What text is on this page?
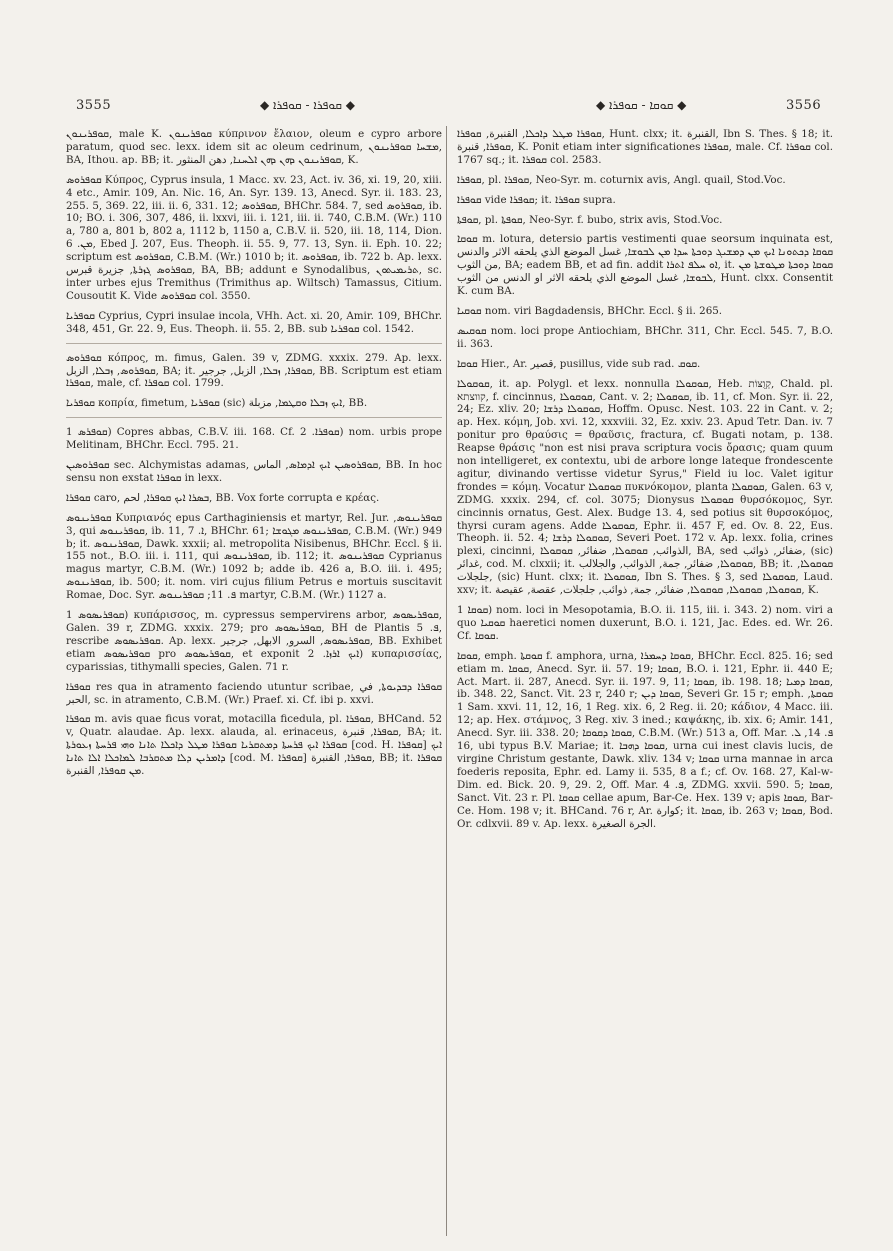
3555	◆ ܩܘܦܪܐ - ܩܘܦܪܐ ◆	◆ ܩܘܩܐ - ܩܘܦܪܐ ◆	3556

ܩܘܦܪܝܢܘܢ, male K. ܩܘܦܪܝܢܘܢ κύπρινον ἔλαιον, oleum e cypro arbore paratum, quod sec. lexx. idem sit ac oleum cedrinum, ܡܫܚܐ ܩܘܦܪܝܢܘܢ, BA, Ithou. ap. BB; it. ܩܘܦܪܝܢܘܢ ܕܗܢ ܕܗܢ ܐܠܚܢܐ, دهن المنثور, K.

ܩܘܦܪܘܣ Κύπρος, Cyprus insula, 1 Macc. xv. 23, Act. iv. 36, xi. 19, 20, xiii. 4 etc., Amir. 109, An. Nic. 16, An. Syr. 139. 13, Anecd. Syr. ii. 183. 23, 255. 5, 369. 22, iii. ii. 6, 331. 12; ܩܘܦܪܘܣ, BHChr. 584. 7, sed ܩܘܦܪܘܣ, ib. 10; BO. i. 306, 307, 486, ii. lxxvi, iii. i. 121, iii. ii. 740, C.B.M. (Wr.) 110 a, 780 a, 801 b, 802 a, 1112 b, 1150 a, C.B.V. ii. 520, iii. 18, 114, Dion. ܡܢ. 6, Ebed J. 207, Eus. Theoph. ii. 55. 9, 77. 13, Syn. ii. Eph. 10. 22; scriptum est ܩܘܦܪܘܣ, C.B.M. (Wr.) 1010 b; it. ܩܘܦܪܘܣ, ib. 722 b. Ap. lexx. ܩܘܦܪܘܣ ܓܙܪܬܐ, جزيرة قبرس, BA, BB; addunt e Synodalibus, ܬܪܝܡܝܬܘܢ, sc. inter urbes ejus Tremithus (Trimithus ap. Wiltsch) Tamassus, Citium. Cousoutit K. Vide ܩܘܦܪܘܣ col. 3550.

ܩܘܦܪܝܐ Cyprius, Cypri insulae incola, VHh. Act. xi. 20, Amir. 109, BHChr. 348, 451, Gr. 22. 9, Eus. Theoph. ii. 55. 2, BB. sub ܩܘܦܪܝܐ col. 1542.

ܩܘܦܪܘܣ κόπρος, m. fimus, Galen. 39 v, ZDMG. xxxix. 279. Ap. lexx. ܩܘܦܪܘܣ, ܙܒܠܐ, الزبل, BA; it. ܩܘܦܪܐ, ܙܒܠܐ, الزبل, جرجير, BB. Scriptum est etiam ܩܘܦܪܐ, male, cf. ܩܘܦܪܐ col. 1799.

ܩܘܦܪܝܐ κοπρία, fimetum, ܩܘܦܪܝܐ (sic) ܐܝܟ ܙܒܠܐ ܘܩܛܡܐ, مزبلة, BB.

ܩܘܦܪܣ 1) Copres abbas, C.B.V. iii. 168. Cf. ܩܘܦܪܐ. 2) nom. urbis prope Melitinam, BHChr. Eccl. 795. 21.

ܩܘܦܪܘܣܝܢ sec. Alchymistas adamas, ܩܘܦܪܘܣܝܢ ܐܝܟ ܐܕܡܐܣ, الماس, BB. In hoc sensu non exstat ܩܘܦܪܐ in lexx.

ܩܘܦܪܐ caro, ܒܣܪܐ ܐܝܟ ܩܘܦܪܐ, لحم, BB. Vox forte corrupta e κρέας.

ܩܘܦܪܝܢܘܣ Κυπριανός epus Carthaginiensis et martyr, Rel. Jur. ܩܘܦܪܝܢܘܣ, 3, qui ܩܘܦܪܝܢܘܣ, ib. 11, ܐ. 7, BHChr. 61; ܩܘܦܪܝܢܘܣ ܡܓܘܫܐ, C.B.M. (Wr.) 949 b; it. ܩܘܦܪܝܢܘܣ, Dawk. xxxii; al. metropolita Nisibenus, BHChr. Eccl. § ii. 155 not., B.O. iii. i. 111, qui ܩܘܦܪܝܢܘܣ, ib. 112; it. ܩܘܦܪܝܢܘܣ Cyprianus magus martyr, C.B.M. (Wr.) 1092 b; adde ib. 426 a, B.O. iii. i. 495; ܩܘܦܪܝܢܘܣ, ib. 500; it. nom. viri cujus filium Petrus e mortuis suscitavit Romae, Doc. Syr. ܦ. 11; ܩܘܦܪܝܢܘܣ martyr, C.B.M. (Wr.) 1127 a.

ܩܘܦܪܝܣܘܣ 1) κυπάρισσος, m. cypressus sempervirens arbor, ܩܘܦܪܝܣܘܣ, Galen. 39 r, ZDMG. xxxix. 279; pro ܩܘܦܪܝܣܘܣ, BH de Plantis ܦ. 5, rescribe ܩܘܦܪܝܣܘܣ. Ap. lexx. ܩܘܦܪܝܣܘܣ, السرو, الابهل, جرجير, BB. Exhibet etiam ܩܘܦܪܝܣܘܣ pro ܩܘܦܪܝܣܘܣ, et exponit ܐܝܟ ܐܪܙܐ. 2) κυπαρισσίας, cyparissias, tithymalli species, Galen. 71 r.

ܩܘܦܪܐ res qua in atramento faciendo utuntur scribae, ܩܘܦܪܐ ܕܒܕܝܘܬܐ, في الحبر, sc. in atramento, C.B.M. (Wr.) Praef. xi. Cf. ibi p. xxvi.

ܩܘܦܪܐ m. avis quae ficus vorat, motacilla ficedula, pl. ܩܘܦܪܐ, BHCand. 52 v, Quatr. alaudae. Ap. lexx. alauda, al. erinaceus, ܩܘܦܪܐ, قنبرة, BA; it. ܩܘܦܪܐ ܐܝܟ ܦܪܚܬܐ ܕܡܬܩܪܝܐ ܩܘܦܪܐ ܡܛܠ ܕܐܟܠܐ ܬܐܢܐ ܘܗܝ ܦܪܚܬܐ ܙܥܘܪܬܐ [cod. H. ܩܘܦܪܐ] ܐܝܟ ܕܐܡܪܝܢ ܕܠܐ ܡܬܩܪܒܐ ܠܡܐܟܠܐ ܐܠܐ ܬܐܢܐ [cod. M. ܩܘܦܪܐ] ܩܘܦܪܐ, القنبرة, BB; it. ܩܘܦܪܐ ܡܢ ܩܘܦܪܐ, القنبرة.

ܩܘܦܪܐ ܡܛܠ ܕܐܟܠܐ, القنبرة, ܩܘܦܪܐ, Hunt. clxx; it. القنبرة, Ibn S. Thes. § 18; it. ܩܘܦܪܐ, قنبرة, K. Ponit etiam inter significationes ܩܘܦܪܐ, male. Cf. ܩܘܦܪܐ col. 1767 sq.; it. ܩܘܦܪܐ col. 2583.

ܩܘܦܪܐ, pl. ܩܘܦܪܐ, Neo-Syr. m. coturnix avis, Angl. quail, Stod.Voc.

ܩܘܦܪܐ vide ܩܘܦܪܐ; it. ܩܘܦܪܐ supra.

ܩܘܦܬܐ, pl. ܩܘܦܬܐ, Neo-Syr. f. bubo, strix avis, Stod.Voc.

ܩܘܩܐ m. lotura, detersio partis vestimenti quae seorsum inquinata est, ܩܘܩܐ ܕܟܬܘܢܐ ܐܝܟ ܡܢ ܕܡܫܝܓ ܕܘܟܬܐ ܚܕܐ ܡܢ ܠܒܘܫܐ, غسل الموضع الذي يلحقه الاثر والدنس من الثوب, BA; eadem BB, et ad fin. addit ܐܘ ܚܠܦ ܐܬܪܐ, it. ܩܘܩܐ ܕܘܟܬܐ ܡܛܘܫܬܐ ܡܢ ܠܒܘܫܐ, غسل الموضع الذي يلحقه الاثر او الدنس من الثوب, Hunt. clxx. Consentit K. cum BA.

ܩܘܩܝܐ nom. viri Bagdadensis, BHChr. Eccl. § ii. 265.

ܩܘܩܝܣ nom. loci prope Antiochiam, BHChr. 311, Chr. Eccl. 545. 7, B.O. ii. 363.

ܩܘܩܐ Hier., Ar. قصير, pusillus, vide sub rad. ܩܘܩ.

ܩܘܩܘܠܐ, it. ap. Polygl. et lexx. nonnulla ܩܘܩܘܠܐ, Heb. קְוֻצּוֹת, Chald. pl. קווצתא, f. cincinnus, ܩܘܩܘܠܐ, Cant. v. 2; ܩܘܩܘܠܐ, ib. 11, cf. Mon. Syr. ii. 22, 24; Ez. xliv. 20; ܩܘܩܘܠܐ ܕܪܫܐ, Hoffm. Opusc. Nest. 103. 22 in Cant. v. 2; ap. Hex. κόμη, Job. xvi. 12, xxxviii. 32, Ez. xxiv. 23. Apud Tetr. Dan. iv. 7 ponitur pro θραύσις = θραῦσις, fractura, cf. Bugati notam, p. 138. Reapse θράσις "non est nisi prava scriptura vocis ὄρασις; quam quum non intelligeret, ex contextu, ubi de arbore longe lateque frondescente agitur, divinando vertisse videtur Syrus," Field iu loc. Valet igitur frondes = κόμη. Vocatur ܩܘܩܘܠܐ πυκνόκομον, planta ܩܘܩܘܠܐ, Galen. 63 v, ZDMG. xxxix. 294, cf. col. 3075; Dionysus ܩܘܩܘܠܐ θυρσόκομος, Syr. cincinnis ornatus, Gest. Alex. Budge 13. 4, sed potius sit θυρσοκόμος, thyrsi curam agens. Adde ܩܘܩܘܠܐ, Ephr. ii. 457 F, ed. Ov. 8. 22, Eus. Theoph. ii. 52. 4; ܩܘܩܘܠܐ ܕܪܫܐ, Severi Poet. 172 v. Ap. lexx. folia, crines plexi, cincinni, الذوائب, ܩܘܩܘܠܐ, ضفائر, ܩܘܩܘܠܐ, BA, sed ضفائر, ذوائب, (sic) غدائر, cod. M. clxxii; it. ܩܘܩܘܠܐ, ضفائر, جمة, الذوائب, والجلالب, BB; it. ܩܘܩܘܠܐ, جلجلات, (sic) Hunt. clxx; it. ܩܘܩܘܠܐ, Ibn S. Thes. § 3, sed ܩܘܩܘܠܐ, Laud. xxv; it. ܩܘܩܘܠܐ, ܩܘܩܘܠܐ, ܩܘܩܘܠܐ, ضفائر, جمة, ذوائب, جلجلات, عقصة, عقيصة, K.

ܩܘܩܐ 1) nom. loci in Mesopotamia, B.O. ii. 115, iii. i. 343. 2) nom. viri a quo ܩܘܩܝܐ haeretici nomen duxerunt, B.O. i. 121, Jac. Edes. ed. Wr. 26. Cf. ܩܘܩܐ.

ܩܘܩܐ, emph. ܩܘܩܬܐ f. amphora, urna, ܩܘܩܐ ܕܚܡܪܐ, BHChr. Eccl. 825. 16; sed etiam m. ܩܘܩܐ, Anecd. Syr. ii. 57. 19; ܩܘܩܐ, B.O. i. 121, Ephr. ii. 440 E; Act. Mart. ii. 287, Anecd. Syr. ii. 197. 9, 11; ܩܘܩܐ, ib. 198. 18; ܩܘܩܐ ܕܡܝܐ, ib. 348. 22, Sanct. Vit. 23 r, 240 r; ܩܘܩܐ ܕܝܢ, Severi Gr. 15 r; emph. ܩܘܩܬܐ, 1 Sam. xxvi. 11, 12, 16, 1 Reg. xix. 6, 2 Reg. ii. 20; κάδιον, 4 Macc. iii. 12; ap. Hex. στάμνος, 3 Reg. xiv. 3 ined.; καψάκης, ib. xix. 6; Amir. 141, Anecd. Syr. iii. 338. 20; ܩܘܩܐ ܕܩܘܩܐ, C.B.M. (Wr.) 513 a, Off. Mar. ܦ. 14, ܠ. 16, ubi typus B.V. Mariae; it. ܩܘܩܐ ܕܗܒܐ, urna cui inest clavis lucis, de virgine Christum gestante, Dawk. xliv. 134 v; ܩܘܩܐ urna mannae in arca foederis reposita, Ephr. ed. Lamy ii. 535, 8 a f.; cf. Ov. 168. 27, Kal-w-Dim. ed. Bick. 20. 9, 29. 2, Off. Mar. ܦ. 4, ZDMG. xxvii. 590. 5; ܩܘܩܐ, Sanct. Vit. 23 r. Pl. ܩܘܩܐ cellae apum, Bar-Ce. Hex. 139 v; apis ܩܘܩܐ, Bar-Ce. Hom. 198 v; it. BHCand. 76 r, Ar. كوارة; it. ܩܘܩܐ, ib. 263 v; ܩܘܩܐ, Bod. Or. cdlxvii. 89 v. Ap. lexx. الجرة الصغيرة.
